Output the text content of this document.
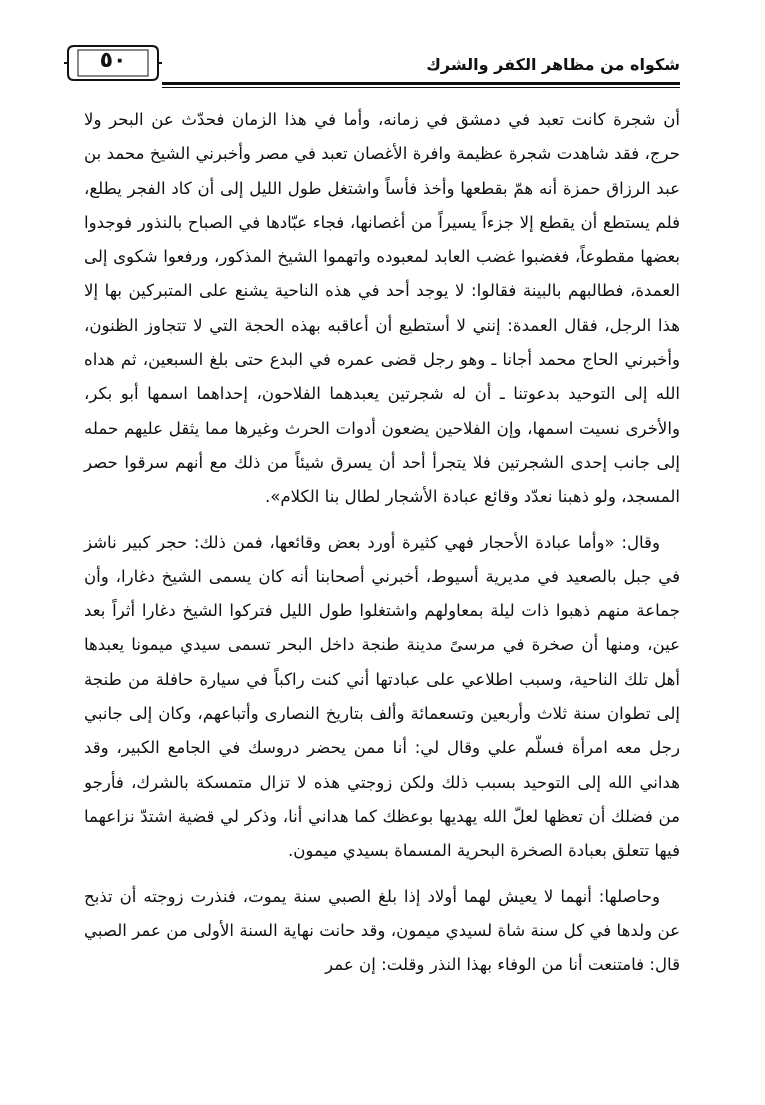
٥٠	شكواه من مظاهر الكفر والشرك

أن شجرة كانت تعبد في دمشق في زمانه، وأما في هذا الزمان فحدّث عن البحر ولا حرج، فقد شاهدت شجرة عظيمة وافرة الأغصان تعبد في مصر وأخبرني الشيخ محمد بن عبد الرزاق حمزة أنه همّ بقطعها وأخذ فأساً واشتغل طول الليل إلى أن كاد الفجر يطلع، فلم يستطع أن يقطع إلا جزءاً يسيراً من أغصانها، فجاء عبّادها في الصباح بالنذور فوجدوا بعضها مقطوعاً، فغضبوا غضب العابد لمعبوده واتهموا الشيخ المذكور، ورفعوا شكوى إلى العمدة، فطالبهم بالبينة فقالوا: لا يوجد أحد في هذه الناحية يشنع على المتبركين بها إلا هذا الرجل، فقال العمدة: إنني لا أستطيع أن أعاقبه بهذه الحجة التي لا تتجاوز الظنون، وأخبرني الحاج محمد أجانا ـ وهو رجل قضى عمره في البدع حتى بلغ السبعين، ثم هداه الله إلى التوحيد بدعوتنا ـ أن له شجرتين يعبدهما الفلاحون، إحداهما اسمها أبو بكر، والأخرى نسيت اسمها، وإن الفلاحين يضعون أدوات الحرث وغيرها مما يثقل عليهم حمله إلى جانب إحدى الشجرتين فلا يتجرأ أحد أن يسرق شيئاً من ذلك مع أنهم سرقوا حصر المسجد، ولو ذهبنا نعدّد وقائع عبادة الأشجار لطال بنا الكلام».

وقال: «وأما عبادة الأحجار فهي كثيرة أورد بعض وقائعها، فمن ذلك: حجر كبير ناشز في جبل بالصعيد في مديرية أسيوط، أخبرني أصحابنا أنه كان يسمى الشيخ دغارا، وأن جماعة منهم ذهبوا ذات ليلة بمعاولهم واشتغلوا طول الليل فتركوا الشيخ دغارا أثراً بعد عين، ومنها أن صخرة في مرسىً مدينة طنجة داخل البحر تسمى سيدي ميمونا يعبدها أهل تلك الناحية، وسبب اطلاعي على عبادتها أني كنت راكباً في سيارة حافلة من طنجة إلى تطوان سنة ثلاث وأربعين وتسعمائة وألف بتاريخ النصارى وأتباعهم، وكان إلى جانبي رجل معه امرأة فسلّم علي وقال لي: أنا ممن يحضر دروسك في الجامع الكبير، وقد هداني الله إلى التوحيد بسبب ذلك ولكن زوجتي هذه لا تزال متمسكة بالشرك، فأرجو من فضلك أن تعظها لعلّ الله يهديها بوعظك كما هداني أنا، وذكر لي قضية اشتدّ نزاعهما فيها تتعلق بعبادة الصخرة البحرية المسماة بسيدي ميمون.

وحاصلها: أنهما لا يعيش لهما أولاد إذا بلغ الصبي سنة يموت، فنذرت زوجته أن تذبح عن ولدها في كل سنة شاة لسيدي ميمون، وقد حانت نهاية السنة الأولى من عمر الصبي قال: فامتنعت أنا من الوفاء بهذا النذر وقلت: إن عمر
